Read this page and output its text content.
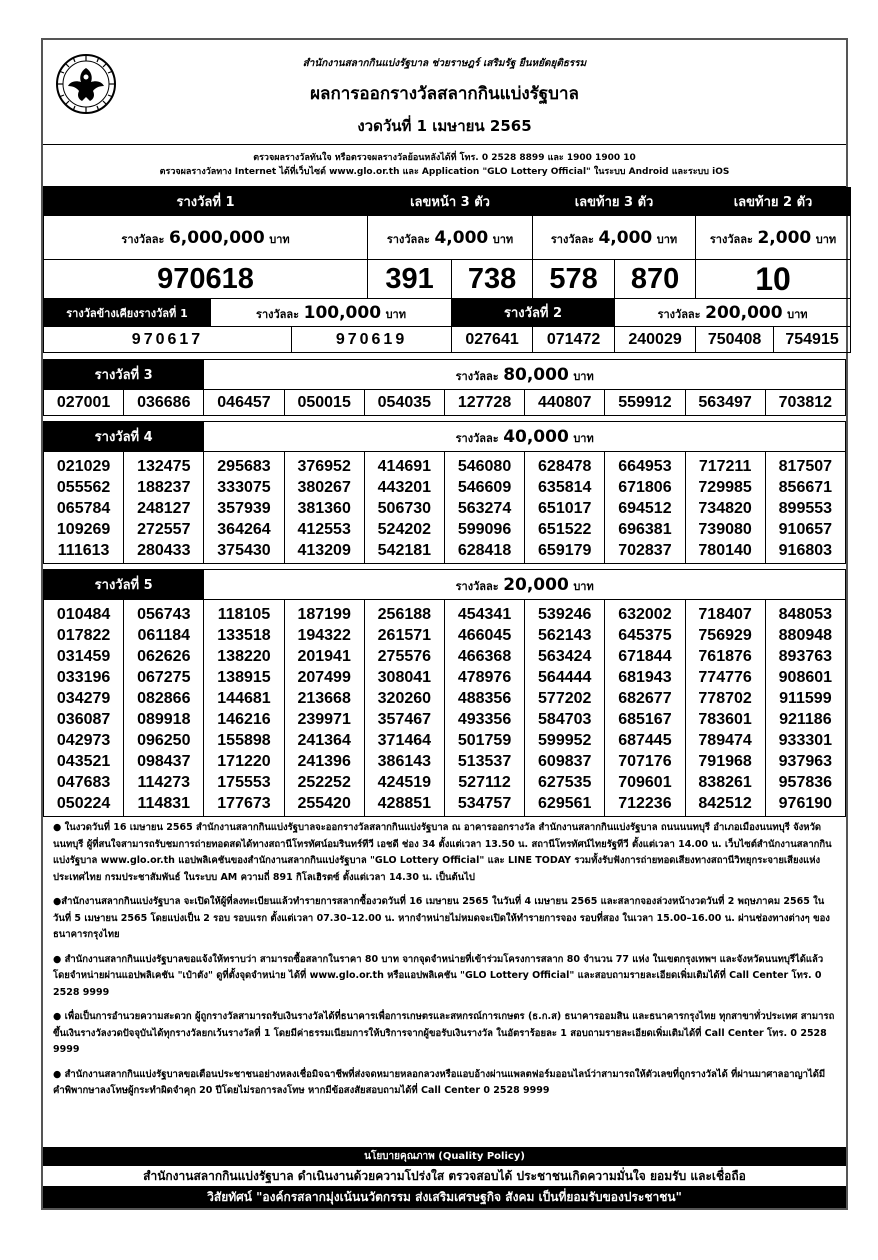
สำนักงานสลากกินแบ่งรัฐบาล ช่วยราษฎร์ เสริมรัฐ ยืนหยัดยุติธรรม
ผลการออกรางวัลสลากกินแบ่งรัฐบาล
งวดวันที่ 1 เมษายน 2565
ตรวจผลรางวัลทันใจ หรือตรวจผลรางวัลย้อนหลังได้ที่ โทร. 0 2528 8899 และ 1900 1900 10
ตรวจผลรางวัลทาง Internet ได้ที่เว็บไซต์ www.glo.or.th และ Application "GLO Lottery Official" ในระบบ Android และระบบ iOS
รางวัลที่ 1			เลขหน้า 3 ตัว		เลขท้าย 3 ตัว		เลขท้าย 2 ตัว	
รางวัลละ 6,000,000 บาท			รางวัลละ 4,000 บาท		รางวัลละ 4,000 บาท		รางวัลละ 2,000 บาท	
970618			391	738	578	870	10	
รางวัลข้างเคียงรางวัลที่ 1	รางวัลละ 100,000 บาท			รางวัลที่ 2		รางวัลละ 200,000 บาท		
970617		970619		027641	071472	240029	750408	754915
รางวัลที่ 3		รางวัลละ 80,000 บาท							
027001	036686	046457	050015	054035	127728	440807	559912	563497	703812
รางวัลที่ 4		รางวัลละ 40,000 บาท							
021029	132475	295683	376952	414691	546080	628478	664953	717211	817507
055562	188237	333075	380267	443201	546609	635814	671806	729985	856671
065784	248127	357939	381360	506730	563274	651017	694512	734820	899553
109269	272557	364264	412553	524202	599096	651522	696381	739080	910657
111613	280433	375430	413209	542181	628418	659179	702837	780140	916803
รางวัลที่ 5		รางวัลละ 20,000 บาท							
010484	056743	118105	187199	256188	454341	539246	632002	718407	848053
017822	061184	133518	194322	261571	466045	562143	645375	756929	880948
031459	062626	138220	201941	275576	466368	563424	671844	761876	893763
033196	067275	138915	207499	308041	478976	564444	681943	774776	908601
034279	082866	144681	213668	320260	488356	577202	682677	778702	911599
036087	089918	146216	239971	357467	493356	584703	685167	783601	921186
042973	096250	155898	241364	371464	501759	599952	687445	789474	933301
043521	098437	171220	241396	386143	513537	609837	707176	791968	937963
047683	114273	175553	252252	424519	527112	627535	709601	838261	957836
050224	114831	177673	255420	428851	534757	629561	712236	842512	976190

● ในงวดวันที่ 16 เมษายน 2565 สำนักงานสลากกินแบ่งรัฐบาลจะออกรางวัลสลากกินแบ่งรัฐบาล ณ อาคารออกรางวัล สำนักงานสลากกินแบ่งรัฐบาล ถนนนนทบุรี อำเภอเมืองนนทบุรี จังหวัดนนทบุรี ผู้ที่สนใจสามารถรับชมการถ่ายทอดสดได้ทางสถานีโทรทัศน์อมรินทร์ทีวี เอชดี ช่อง 34 ตั้งแต่เวลา 13.50 น. สถานีโทรทัศน์ไทยรัฐทีวี ตั้งแต่เวลา 14.00 น. เว็บไซต์สำนักงานสลากกินแบ่งรัฐบาล www.glo.or.th แอปพลิเคชันของสำนักงานสลากกินแบ่งรัฐบาล "GLO Lottery Official" และ LINE TODAY รวมทั้งรับฟังการถ่ายทอดเสียงทางสถานีวิทยุกระจายเสียงแห่งประเทศไทย กรมประชาสัมพันธ์ ในระบบ AM ความถี่ 891 กิโลเฮิรตซ์ ตั้งแต่เวลา 14.30 น. เป็นต้นไป

●สำนักงานสลากกินแบ่งรัฐบาล จะเปิดให้ผู้ที่ลงทะเบียนแล้วทำรายการสลากซื้องวดวันที่ 16 เมษายน 2565 ในวันที่ 4 เมษายน 2565 และสลากจองล่วงหน้างวดวันที่ 2 พฤษภาคม 2565 ในวันที่ 5 เมษายน 2565 โดยแบ่งเป็น 2 รอบ รอบแรก ตั้งแต่เวลา 07.30–12.00 น. หากจำหน่ายไม่หมดจะเปิดให้ทำรายการจอง รอบที่สอง ในเวลา 15.00–16.00 น. ผ่านช่องทางต่างๆ ของธนาคารกรุงไทย

● สำนักงานสลากกินแบ่งรัฐบาลขอแจ้งให้ทราบว่า สามารถซื้อสลากในราคา 80 บาท จากจุดจำหน่ายที่เข้าร่วมโครงการสลาก 80 จำนวน 77 แห่ง ในเขตกรุงเทพฯ และจังหวัดนนทบุรีได้แล้ว โดยจำหน่ายผ่านแอปพลิเคชัน "เป๋าตัง" ดูที่ตั้งจุดจำหน่าย ได้ที่ www.glo.or.th หรือแอปพลิเคชัน "GLO Lottery Official" และสอบถามรายละเอียดเพิ่มเติมได้ที่ Call Center โทร. 0 2528 9999

● เพื่อเป็นการอำนวยความสะดวก ผู้ถูกรางวัลสามารถรับเงินรางวัลได้ที่ธนาคารเพื่อการเกษตรและสหกรณ์การเกษตร (ธ.ก.ส) ธนาคารออมสิน และธนาคารกรุงไทย ทุกสาขาทั่วประเทศ สามารถขึ้นเงินรางวัลงวดปัจจุบันได้ทุกรางวัลยกเว้นรางวัลที่ 1 โดยมีค่าธรรมเนียมการให้บริการจากผู้ขอรับเงินรางวัล ในอัตราร้อยละ 1 สอบถามรายละเอียดเพิ่มเติมได้ที่ Call Center โทร. 0 2528 9999

● สำนักงานสลากกินแบ่งรัฐบาลขอเตือนประชาชนอย่างหลงเชื่อมิจฉาชีพที่ส่งจดหมายหลอกลวงหรือแอบอ้างผ่านแพลตฟอร์มออนไลน์ว่าสามารถให้ตัวเลขที่ถูกรางวัลได้ ที่ผ่านมาศาลอาญาได้มีคำพิพากษาลงโทษผู้กระทำผิดจำคุก 20 ปีโดยไม่รอการลงโทษ หากมีข้อสงสัยสอบถามได้ที่ Call Center 0 2528 9999

นโยบายคุณภาพ (Quality Policy)
สำนักงานสลากกินแบ่งรัฐบาล ดำเนินงานด้วยความโปร่งใส ตรวจสอบได้ ประชาชนเกิดความมั่นใจ ยอมรับ และเชื่อถือ
วิสัยทัศน์ "องค์กรสลากมุ่งเน้นนวัตกรรม ส่งเสริมเศรษฐกิจ สังคม เป็นที่ยอมรับของประชาชน"
